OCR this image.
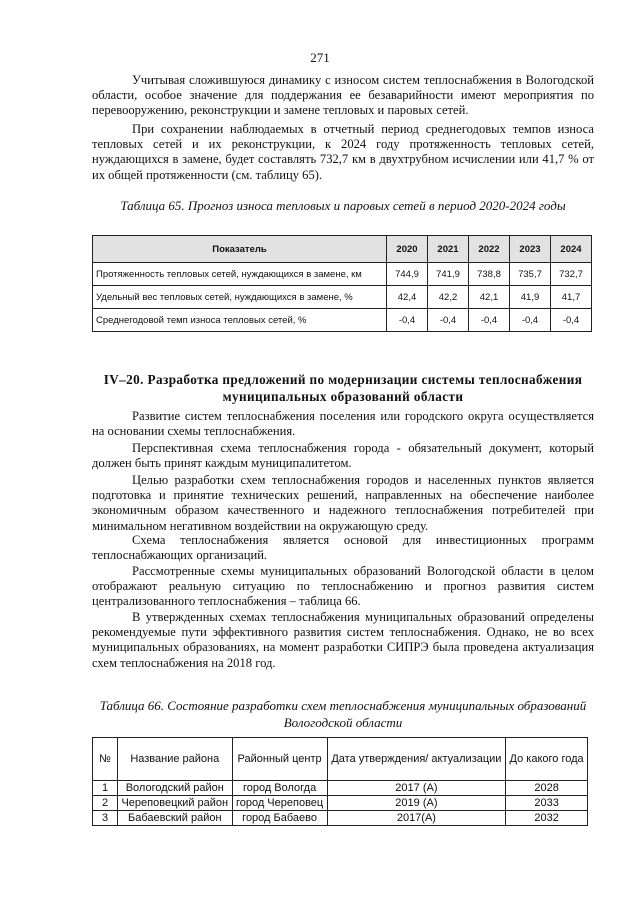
271
Учитывая сложившуюся динамику с износом систем теплоснабжения в Вологодской области, особое значение для поддержания ее безаварийности имеют мероприятия по перевооружению, реконструкции и замене тепловых и паровых сетей.
При сохранении наблюдаемых в отчетный период среднегодовых темпов износа тепловых сетей и их реконструкции, к 2024 году протяженность тепловых сетей, нуждающихся в замене, будет составлять 732,7 км в двухтрубном исчислении или 41,7 % от их общей протяженности (см. таблицу 65).
Таблица 65. Прогноз износа тепловых и паровых сетей в период 2020-2024 годы
Показатель	2020	2021	2022	2023	2024
Протяженность тепловых сетей, нуждающихся в замене, км	744,9	741,9	738,8	735,7	732,7
Удельный вес тепловых сетей, нуждающихся в замене, %	42,4	42,2	42,1	41,9	41,7
Среднегодовой темп износа тепловых сетей, %	-0,4	-0,4	-0,4	-0,4	-0,4
IV–20. Разработка предложений по модернизации системы теплоснабжения муниципальных образований области
Развитие систем теплоснабжения поселения или городского округа осуществляется на основании схемы теплоснабжения.
Перспективная схема теплоснабжения города - обязательный документ, который должен быть принят каждым муниципалитетом.
Целью разработки схем теплоснабжения городов и населенных пунктов является подготовка и принятие технических решений, направленных на обеспечение наиболее экономичным образом качественного и надежного теплоснабжения потребителей при минимальном негативном воздействии на окружающую среду.
Схема теплоснабжения является основой для инвестиционных программ теплоснабжающих организаций.
Рассмотренные схемы муниципальных образований Вологодской области в целом отображают реальную ситуацию по теплоснабжению и прогноз развития систем централизованного теплоснабжения – таблица 66.
В утвержденных схемах теплоснабжения муниципальных образований определены рекомендуемые пути эффективного развития систем теплоснабжения. Однако, не во всех муниципальных образованиях, на момент разработки СИПРЭ была проведена актуализация схем теплоснабжения на 2018 год.
Таблица 66. Состояние разработки схем теплоснабжения муниципальных образований Вологодской области
№	Название района	Районный центр	Дата утверждения/ актуализации	До какого года
1	Вологодский район	город Вологда	2017 (А)	2028
2	Череповецкий район	город Череповец	2019 (А)	2033
3	Бабаевский район	город Бабаево	2017(А)	2032
